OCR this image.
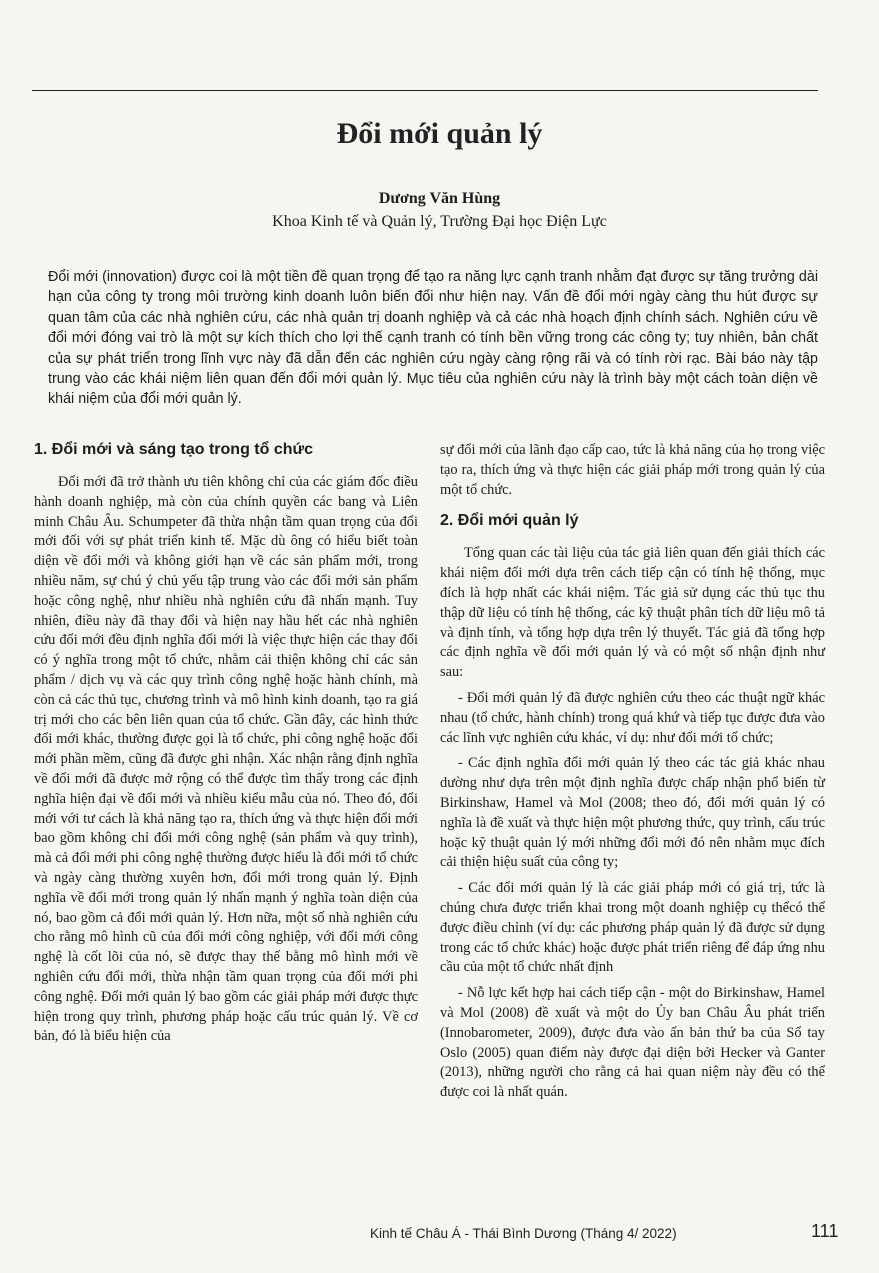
Đổi mới quản lý
Dương Văn Hùng
Khoa Kinh tế và Quản lý, Trường Đại học Điện Lực

Đổi mới (innovation) được coi là một tiền đề quan trọng để tạo ra năng lực cạnh tranh nhằm đạt được sự tăng trưởng dài hạn của công ty trong môi trường kinh doanh luôn biến đổi như hiện nay. Vấn đề đổi mới ngày càng thu hút được sự quan tâm của các nhà nghiên cứu, các nhà quản trị doanh nghiệp và cả các nhà hoạch định chính sách. Nghiên cứu về đổi mới đóng vai trò là một sự kích thích cho lợi thế cạnh tranh có tính bền vững trong các công ty; tuy nhiên, bản chất của sự phát triển trong lĩnh vực này đã dẫn đến các nghiên cứu ngày càng rộng rãi và có tính rời rạc. Bài báo này tập trung vào các khái niệm liên quan đến đổi mới quản lý. Mục tiêu của nghiên cứu này là trình bày một cách toàn diện về khái niệm của đổi mới quản lý.

1. Đổi mới và sáng tạo trong tổ chức

Đổi mới đã trở thành ưu tiên không chỉ của các giám đốc điều hành doanh nghiệp, mà còn của chính quyền các bang và Liên minh Châu Âu. Schumpeter đã thừa nhận tầm quan trọng của đổi mới đối với sự phát triển kinh tế. Mặc dù ông có hiểu biết toàn diện về đổi mới và không giới hạn về các sản phẩm mới, trong nhiều năm, sự chú ý chủ yếu tập trung vào các đổi mới sản phẩm hoặc công nghệ, như nhiều nhà nghiên cứu đã nhấn mạnh. Tuy nhiên, điều này đã thay đổi và hiện nay hầu hết các nhà nghiên cứu đổi mới đều định nghĩa đổi mới là việc thực hiện các thay đổi có ý nghĩa trong một tổ chức, nhằm cải thiện không chỉ các sản phẩm / dịch vụ và các quy trình công nghệ hoặc hành chính, mà còn cả các thủ tục, chương trình và mô hình kinh doanh, tạo ra giá trị mới cho các bên liên quan của tổ chức. Gần đây, các hình thức đổi mới khác, thường được gọi là tổ chức, phi công nghệ hoặc đổi mới phần mềm, cũng đã được ghi nhận. Xác nhận rằng định nghĩa về đổi mới đã được mở rộng có thể được tìm thấy trong các định nghĩa hiện đại về đổi mới và nhiều kiểu mẫu của nó. Theo đó, đổi mới với tư cách là khả năng tạo ra, thích ứng và thực hiện đổi mới bao gồm không chỉ đổi mới công nghệ (sản phẩm và quy trình), mà cả đổi mới phi công nghệ thường được hiểu là đổi mới tổ chức và ngày càng thường xuyên hơn, đổi mới trong quản lý. Định nghĩa về đổi mới trong quản lý nhấn mạnh ý nghĩa toàn diện của nó, bao gồm cả đổi mới quản lý. Hơn nữa, một số nhà nghiên cứu cho rằng mô hình cũ của đổi mới công nghiệp, với đổi mới công nghệ là cốt lõi của nó, sẽ được thay thế bằng mô hình mới về nghiên cứu đổi mới, thừa nhận tầm quan trọng của đổi mới phi công nghệ. Đổi mới quản lý bao gồm các giải pháp mới được thực hiện trong quy trình, phương pháp hoặc cấu trúc quản lý. Về cơ bản, đó là biểu hiện của

sự đổi mới của lãnh đạo cấp cao, tức là khả năng của họ trong việc tạo ra, thích ứng và thực hiện các giải pháp mới trong quản lý của một tổ chức.

2. Đổi mới quản lý

Tổng quan các tài liệu của tác giả liên quan đến giải thích các khái niệm đổi mới dựa trên cách tiếp cận có tính hệ thống, mục đích là hợp nhất các khái niệm. Tác giả sử dụng các thủ tục thu thập dữ liệu có tính hệ thống, các kỹ thuật phân tích dữ liệu mô tả và định tính, và tổng hợp dựa trên lý thuyết. Tác giả đã tổng hợp các định nghĩa về đổi mới quản lý và có một số nhận định như sau:

- Đổi mới quản lý đã được nghiên cứu theo các thuật ngữ khác nhau (tổ chức, hành chính) trong quá khứ và tiếp tục được đưa vào các lĩnh vực nghiên cứu khác, ví dụ: như đổi mới tổ chức;

- Các định nghĩa đổi mới quản lý theo các tác giả khác nhau dường như dựa trên một định nghĩa được chấp nhận phổ biến từ Birkinshaw, Hamel và Mol (2008; theo đó, đổi mới quản lý có nghĩa là đề xuất và thực hiện một phương thức, quy trình, cấu trúc hoặc kỹ thuật quản lý mới những đổi mới đó nên nhằm mục đích cải thiện hiệu suất của công ty;

- Các đổi mới quản lý là các giải pháp mới có giá trị, tức là chúng chưa được triển khai trong một doanh nghiệp cụ thểcó thể được điều chỉnh (ví dụ: các phương pháp quản lý đã được sử dụng trong các tổ chức khác) hoặc được phát triển riêng để đáp ứng nhu cầu của một tổ chức nhất định

- Nỗ lực kết hợp hai cách tiếp cận - một do Birkinshaw, Hamel và Mol (2008) đề xuất và một do Ủy ban Châu Âu phát triển (Innobarometer, 2009), được đưa vào ấn bản thứ ba của Sổ tay Oslo (2005) quan điểm này được đại diện bởi Hecker và Ganter (2013), những người cho rằng cả hai quan niệm này đều có thể được coi là nhất quán.

Kinh tế Châu Á - Thái Bình Dương (Tháng 4/ 2022)	111
